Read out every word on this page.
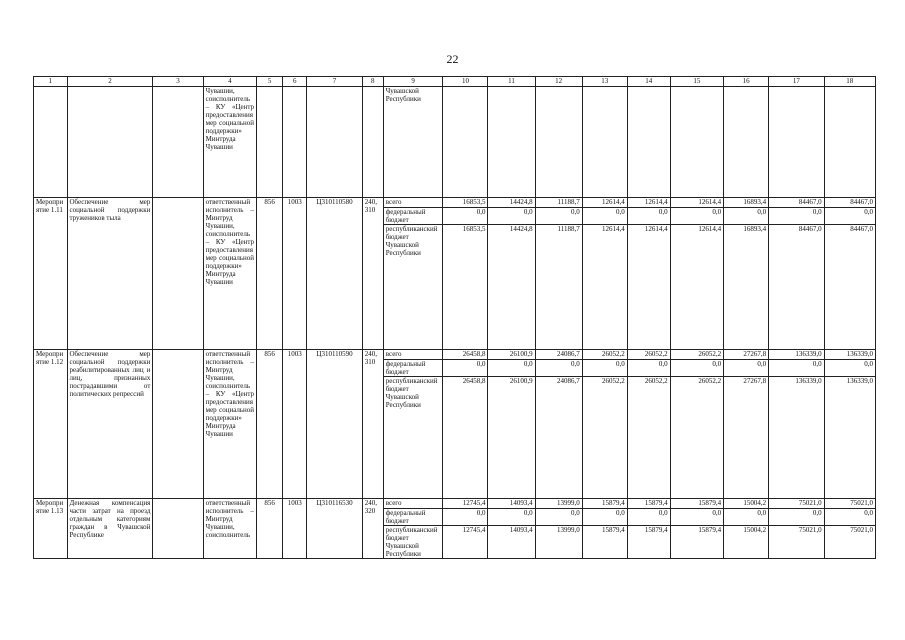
22
1	2	3	4	5	6	7	8	9	10	11	12	13	14	15	16	17	18
			Чувашии, соисполнитель – КУ «Центр предоставления мер социальной поддержки» Минтруда Чувашии					Чувашской Республики									
Мероприятие 1.11	Обеспечение мер социальной поддержки тружеников тыла		ответственный исполнитель – Минтруд Чувашии, соисполнитель – КУ «Центр предоставления мер социальной поддержки» Минтруда Чувашии	856	1003	Ц310110580	240, 310	всего	16853,5	14424,8	11188,7	12614,4	12614,4	12614,4	16893,4	84467,0	84467,0
								федеральный бюджет	0,0	0,0	0,0	0,0	0,0	0,0	0,0	0,0	0,0
								республиканский бюджет Чувашской Республики	16853,5	14424,8	11188,7	12614,4	12614,4	12614,4	16893,4	84467,0	84467,0
Мероприятие 1.12	Обеспечение мер социальной поддержки реабилитированных лиц и лиц, признанных пострадавшими от политических репрессий		ответственный исполнитель – Минтруд Чувашии, соисполнитель – КУ «Центр предоставления мер социальной поддержки» Минтруда Чувашии	856	1003	Ц310110590	240, 310	всего	26458,8	26100,9	24086,7	26052,2	26052,2	26052,2	27267,8	136339,0	136339,0
								федеральный бюджет	0,0	0,0	0,0	0,0	0,0	0,0	0,0	0,0	0,0
								республиканский бюджет Чувашской Республики	26458,8	26100,9	24086,7	26052,2	26052,2	26052,2	27267,8	136339,0	136339,0
Мероприятие 1.13	Денежная компенсация части затрат на проезд отдельным категориям граждан в Чувашской Республике		ответственный исполнитель – Минтруд Чувашии, соисполнитель	856	1003	Ц310116530	240, 320	всего	12745,4	14093,4	13999,0	15879,4	15879,4	15879,4	15004,2	75021,0	75021,0
								федеральный бюджет	0,0	0,0	0,0	0,0	0,0	0,0	0,0	0,0	0,0
								республиканский бюджет Чувашской Республики	12745,4	14093,4	13999,0	15879,4	15879,4	15879,4	15004,2	75021,0	75021,0
